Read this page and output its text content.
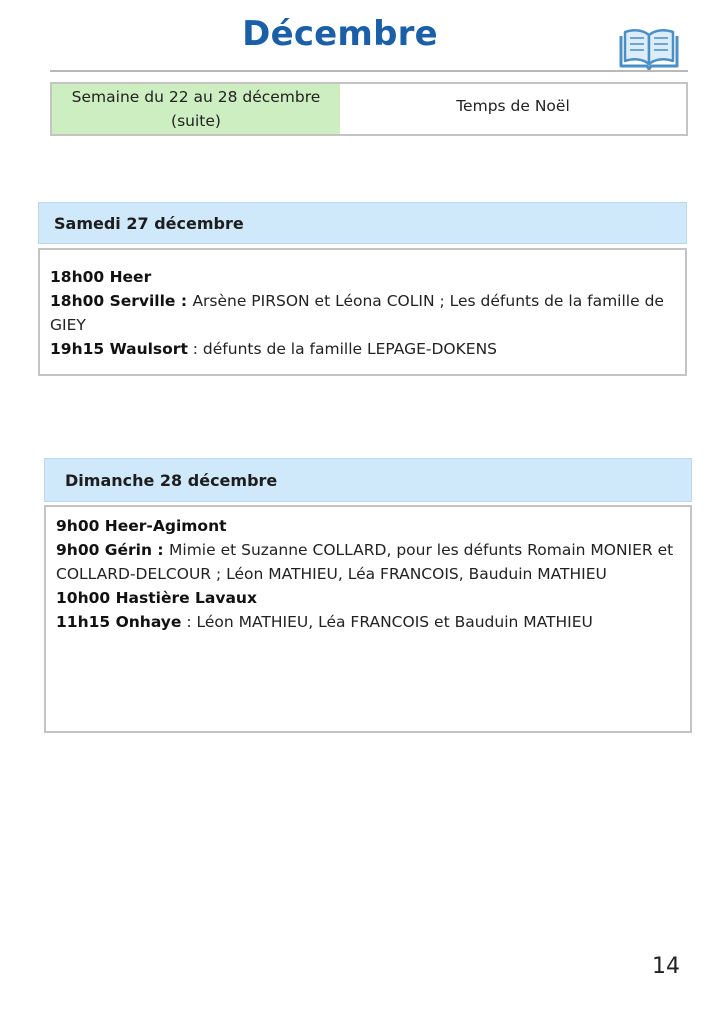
Décembre
Semaine du 22 au 28 décembre (suite)
Temps de Noël
Samedi 27 décembre
18h00 Heer
18h00 Serville : Arsène PIRSON et Léona COLIN ; Les défunts de la famille de GIEY
19h15 Waulsort : défunts de la famille LEPAGE-DOKENS
Dimanche 28 décembre
9h00 Heer-Agimont
9h00 Gérin : Mimie et Suzanne COLLARD, pour les défunts Romain MONIER et COLLARD-DELCOUR ; Léon MATHIEU, Léa FRANCOIS, Bauduin MATHIEU
10h00 Hastière Lavaux
11h15 Onhaye : Léon MATHIEU, Léa FRANCOIS et Bauduin MATHIEU
14
